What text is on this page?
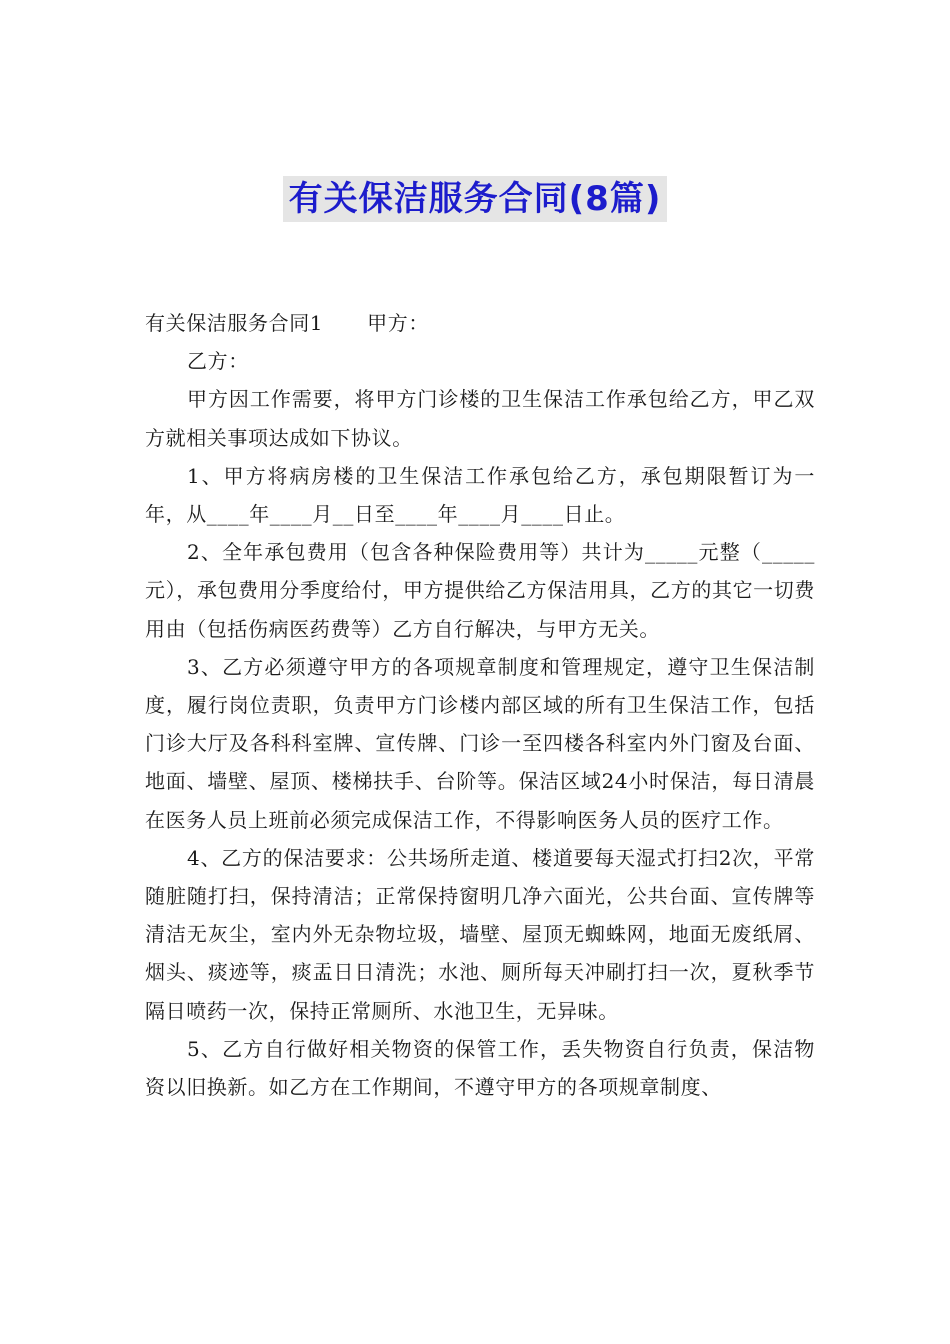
有关保洁服务合同(8篇)

有关保洁服务合同1 甲方：

乙方：

甲方因工作需要，将甲方门诊楼的卫生保洁工作承包给乙方，甲乙双方就相关事项达成如下协议。

1、甲方将病房楼的卫生保洁工作承包给乙方，承包期限暂订为一年，从____年____月__日至____年____月____日止。

2、全年承包费用（包含各种保险费用等）共计为_____元整（_____元），承包费用分季度给付，甲方提供给乙方保洁用具，乙方的其它一切费用由（包括伤病医药费等）乙方自行解决，与甲方无关。

3、乙方必须遵守甲方的各项规章制度和管理规定，遵守卫生保洁制度，履行岗位责职，负责甲方门诊楼内部区域的所有卫生保洁工作，包括门诊大厅及各科科室牌、宣传牌、门诊一至四楼各科室内外门窗及台面、地面、墙壁、屋顶、楼梯扶手、台阶等。保洁区域24小时保洁，每日清晨在医务人员上班前必须完成保洁工作，不得影响医务人员的医疗工作。

4、乙方的保洁要求：公共场所走道、楼道要每天湿式打扫2次，平常随脏随打扫，保持清洁；正常保持窗明几净六面光，公共台面、宣传牌等清洁无灰尘，室内外无杂物垃圾，墙壁、屋顶无蜘蛛网，地面无废纸屑、烟头、痰迹等，痰盂日日清洗；水池、厕所每天冲刷打扫一次，夏秋季节隔日喷药一次，保持正常厕所、水池卫生，无异味。

5、乙方自行做好相关物资的保管工作，丢失物资自行负责，保洁物资以旧换新。如乙方在工作期间，不遵守甲方的各项规章制度、
